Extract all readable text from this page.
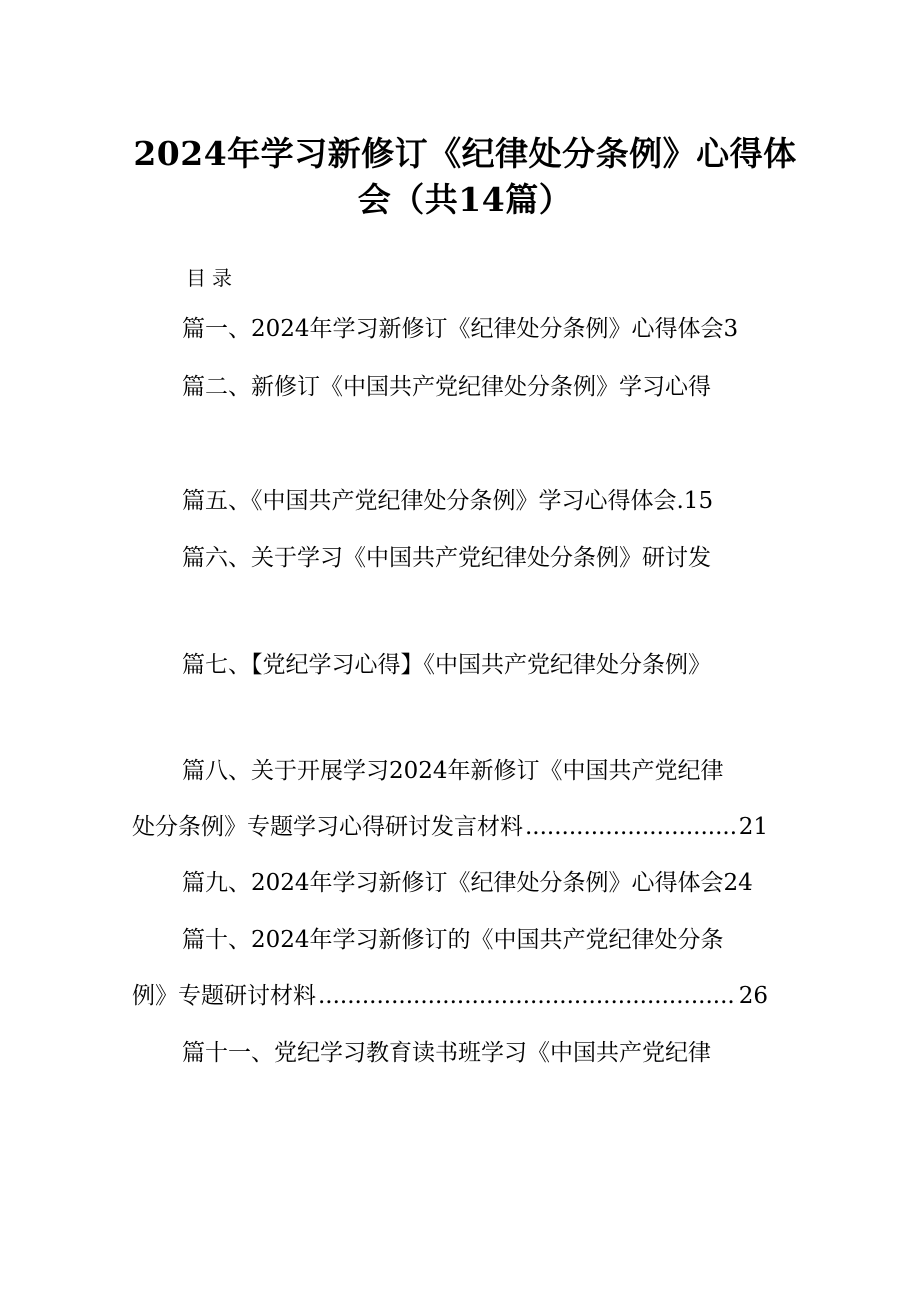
2024年学习新修订《纪律处分条例》心得体
会（共14篇）
目录
篇一、2024年学习新修订《纪律处分条例》心得体会3
篇二、新修订《中国共产党纪律处分条例》学习心得
篇五、《中国共产党纪律处分条例》学习心得体会.15
篇六、关于学习《中国共产党纪律处分条例》研讨发
篇七、【党纪学习心得】《中国共产党纪律处分条例》
篇八、关于开展学习2024年新修订《中国共产党纪律
处分条例》专题学习心得研讨发言材料 .....	21
篇九、2024年学习新修订《纪律处分条例》心得体会24
篇十、2024年学习新修订的《中国共产党纪律处分条
例》专题研讨材料 .....	26
篇十一、党纪学习教育读书班学习《中国共产党纪律
